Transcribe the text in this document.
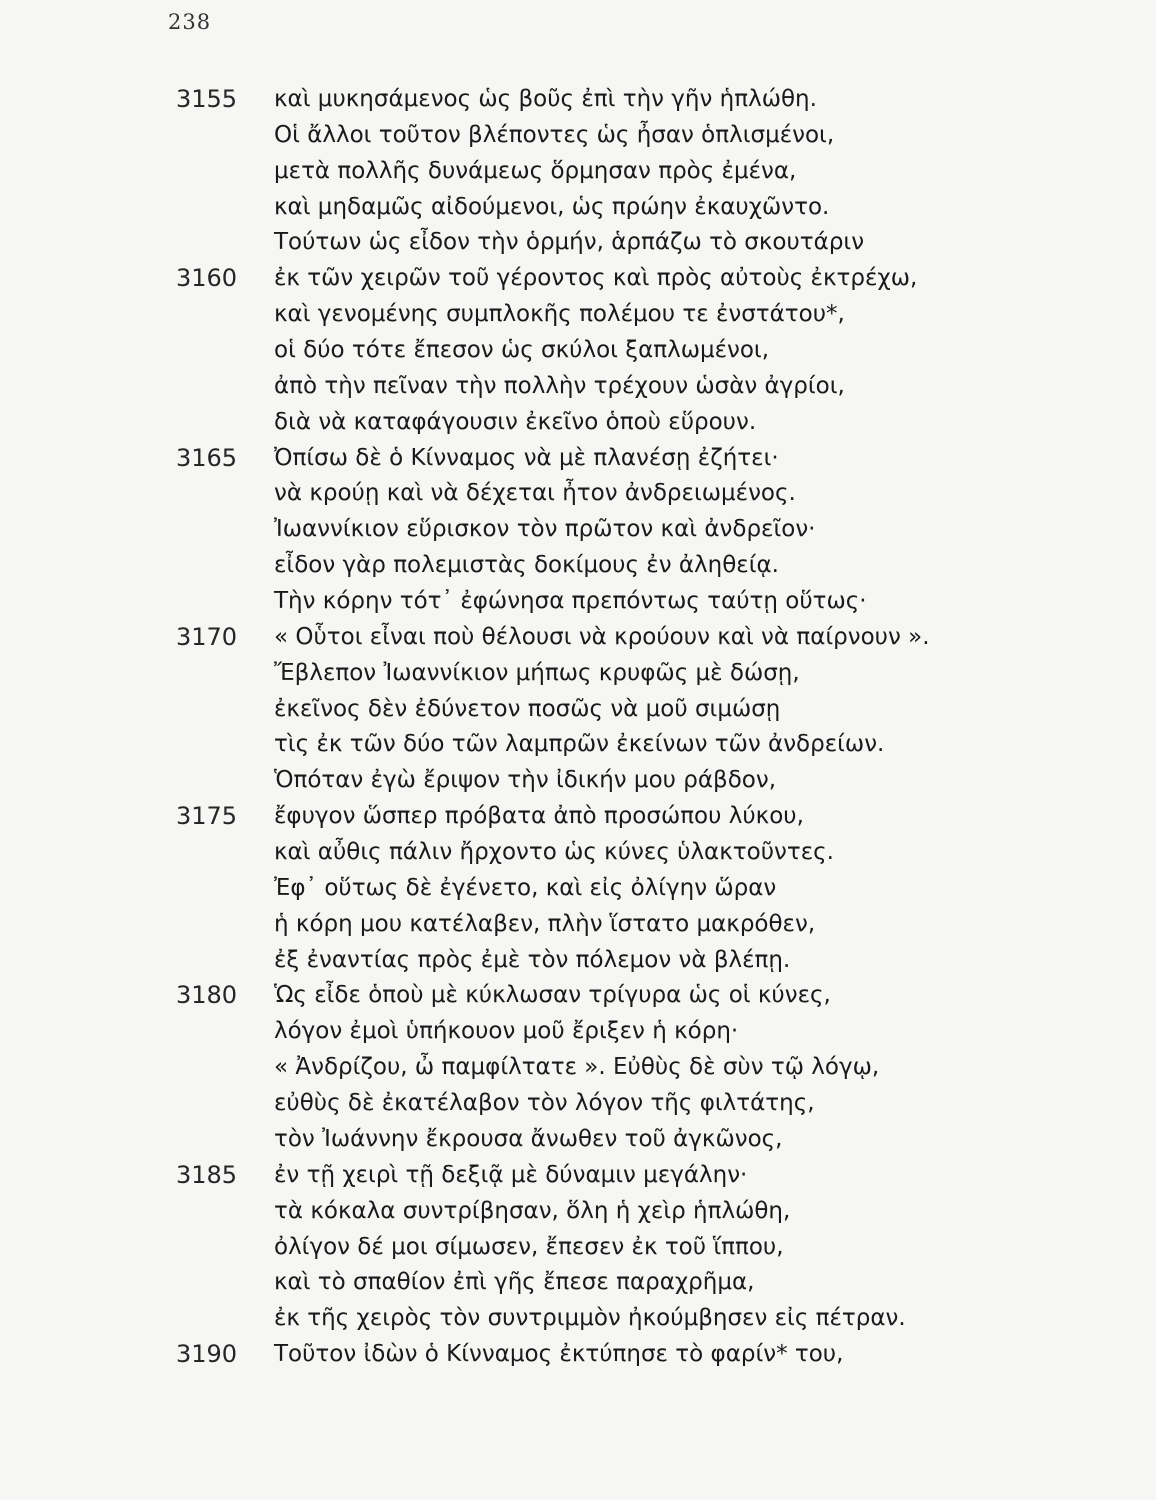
238
3155 καὶ μυκησάμενος ὡς βοῦς ἐπὶ τὴν γῆν ἡπλώθη.
Οἱ ἄλλοι τοῦτον βλέποντες ὡς ἦσαν ὁπλισμένοι,
μετὰ πολλῆς δυνάμεως ὅρμησαν πρὸς ἐμένα,
καὶ μηδαμῶς αἰδούμενοι, ὡς πρώην ἐκαυχῶντο.
Τούτων ὡς εἶδον τὴν ὁρμήν, ἁρπάζω τὸ σκουτάριν
3160 ἐκ τῶν χειρῶν τοῦ γέροντος καὶ πρὸς αὐτοὺς ἐκτρέχω,
καὶ γενομένης συμπλοκῆς πολέμου τε ἐνστάτου*,
οἱ δύο τότε ἔπεσον ὡς σκύλοι ξαπλωμένοι,
ἀπὸ τὴν πεῖναν τὴν πολλὴν τρέχουν ὡσὰν ἀγρίοι,
διὰ νὰ καταφάγουσιν ἐκεῖνο ὁποὺ εὕρουν.
3165 Ὀπίσω δὲ ὁ Κίνναμος νὰ μὲ πλανέσῃ ἐζήτει·
νὰ κρούῃ καὶ νὰ δέχεται ἦτον ἀνδρειωμένος.
Ἰωαννίκιον εὕρισκον τὸν πρῶτον καὶ ἀνδρεῖον·
εἶδον γὰρ πολεμιστὰς δοκίμους ἐν ἀληθείᾳ.
Τὴν κόρην τότ᾽ ἐφώνησα πρεπόντως ταύτῃ οὕτως·
3170 « Οὗτοι εἶναι ποὺ θέλουσι νὰ κρούουν καὶ νὰ παίρνουν ».
Ἔβλεπον Ἰωαννίκιον μήπως κρυφῶς μὲ δώσῃ,
ἐκεῖνος δὲν ἐδύνετον ποσῶς νὰ μοῦ σιμώσῃ
τὶς ἐκ τῶν δύο τῶν λαμπρῶν ἐκείνων τῶν ἀνδρείων.
Ὁπόταν ἐγὼ ἔριψον τὴν ἰδικήν μου ράβδον,
3175 ἔφυγον ὥσπερ πρόβατα ἀπὸ προσώπου λύκου,
καὶ αὖθις πάλιν ἤρχοντο ὡς κύνες ὑλακτοῦντες.
Ἐφ᾽ οὕτως δὲ ἐγένετο, καὶ εἰς ὀλίγην ὥραν
ἡ κόρη μου κατέλαβεν, πλὴν ἵστατο μακρόθεν,
ἐξ ἐναντίας πρὸς ἐμὲ τὸν πόλεμον νὰ βλέπῃ.
3180 Ὡς εἶδε ὁποὺ μὲ κύκλωσαν τρίγυρα ὡς οἱ κύνες,
λόγον ἐμοὶ ὑπήκουον μοῦ ἔριξεν ἡ κόρη·
« Ἀνδρίζου, ὦ παμφίλτατε ». Εὐθὺς δὲ σὺν τῷ λόγῳ,
εὐθὺς δὲ ἐκατέλαβον τὸν λόγον τῆς φιλτάτης,
τὸν Ἰωάννην ἔκρουσα ἄνωθεν τοῦ ἀγκῶνος,
3185 ἐν τῇ χειρὶ τῇ δεξιᾷ μὲ δύναμιν μεγάλην·
τὰ κόκαλα συντρίβησαν, ὅλη ἡ χεὶρ ἡπλώθη,
ὀλίγον δέ μοι σίμωσεν, ἔπεσεν ἐκ τοῦ ἵππου,
καὶ τὸ σπαθίον ἐπὶ γῆς ἔπεσε παραχρῆμα,
ἐκ τῆς χειρὸς τὸν συντριμμὸν ἠκούμβησεν εἰς πέτραν.
3190 Τοῦτον ἰδὼν ὁ Κίνναμος ἐκτύπησε τὸ φαρίν* του,
